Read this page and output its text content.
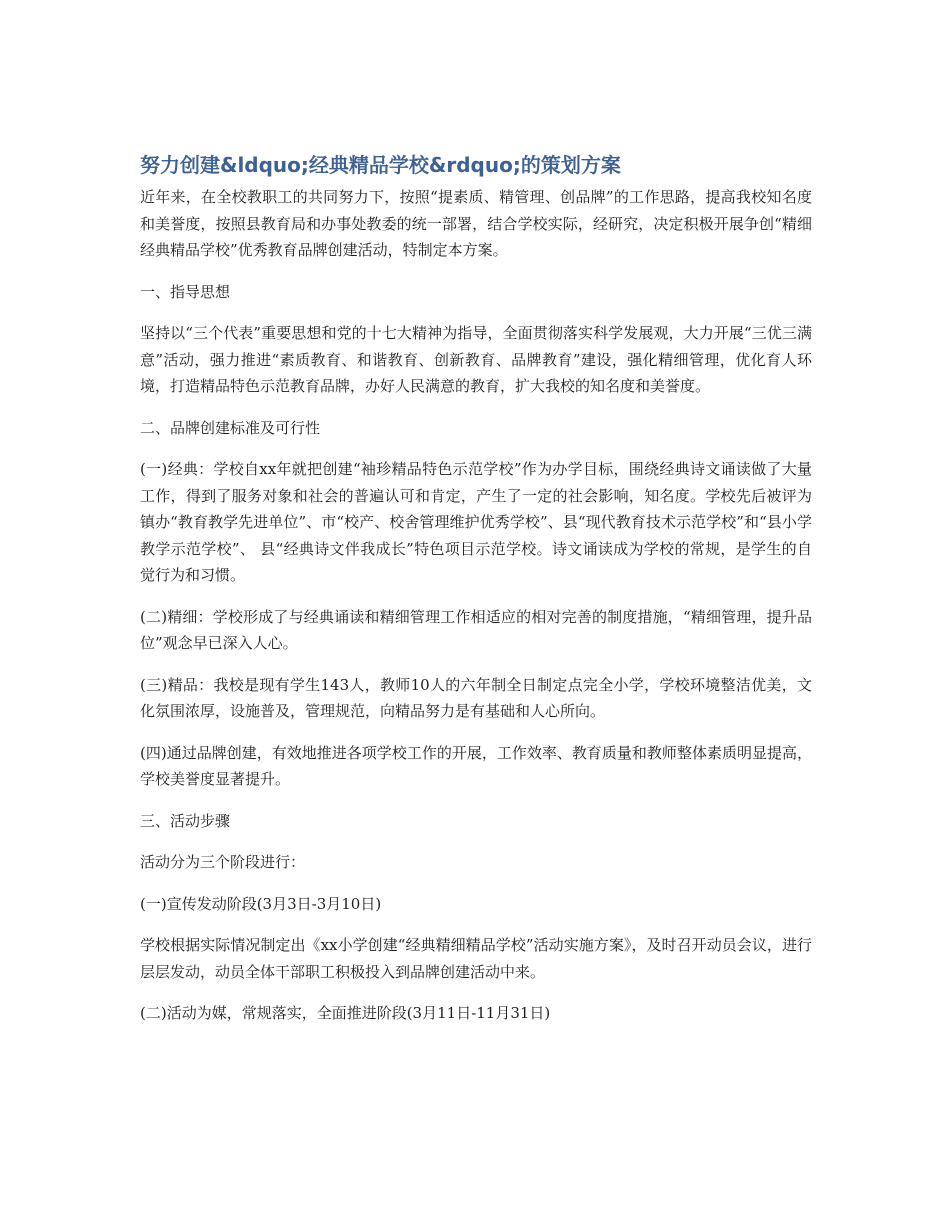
努力创建&ldquo;经典精品学校&rdquo;的策划方案

近年来，在全校教职工的共同努力下，按照“提素质、精管理、创品牌”的工作思路，提高我校知名度和美誉度，按照县教育局和办事处教委的统一部署，结合学校实际，经研究，决定积极开展争创“精细经典精品学校”优秀教育品牌创建活动，特制定本方案。

一、指导思想

坚持以“三个代表”重要思想和党的十七大精神为指导，全面贯彻落实科学发展观，大力开展“三优三满意”活动，强力推进“素质教育、和谐教育、创新教育、品牌教育”建设，强化精细管理，优化育人环境，打造精品特色示范教育品牌，办好人民满意的教育，扩大我校的知名度和美誉度。

二、品牌创建标准及可行性

(一)经典：学校自xx年就把创建“袖珍精品特色示范学校”作为办学目标，围绕经典诗文诵读做了大量工作，得到了服务对象和社会的普遍认可和肯定，产生了一定的社会影响，知名度。学校先后被评为镇办“教育教学先进单位”、市“校产、校舍管理维护优秀学校”、县“现代教育技术示范学校”和“县小学教学示范学校”、 县“经典诗文伴我成长”特色项目示范学校。诗文诵读成为学校的常规，是学生的自觉行为和习惯。

(二)精细：学校形成了与经典诵读和精细管理工作相适应的相对完善的制度措施，“精细管理，提升品位”观念早已深入人心。

(三)精品：我校是现有学生143人，教师10人的六年制全日制定点完全小学，学校环境整洁优美，文化氛围浓厚，设施普及，管理规范，向精品努力是有基础和人心所向。

(四)通过品牌创建，有效地推进各项学校工作的开展，工作效率、教育质量和教师整体素质明显提高，学校美誉度显著提升。

三、活动步骤

活动分为三个阶段进行：

(一)宣传发动阶段(3月3日-3月10日)

学校根据实际情况制定出《xx小学创建“经典精细精品学校”活动实施方案》，及时召开动员会议，进行层层发动，动员全体干部职工积极投入到品牌创建活动中来。

(二)活动为媒，常规落实，全面推进阶段(3月11日-11月31日)
